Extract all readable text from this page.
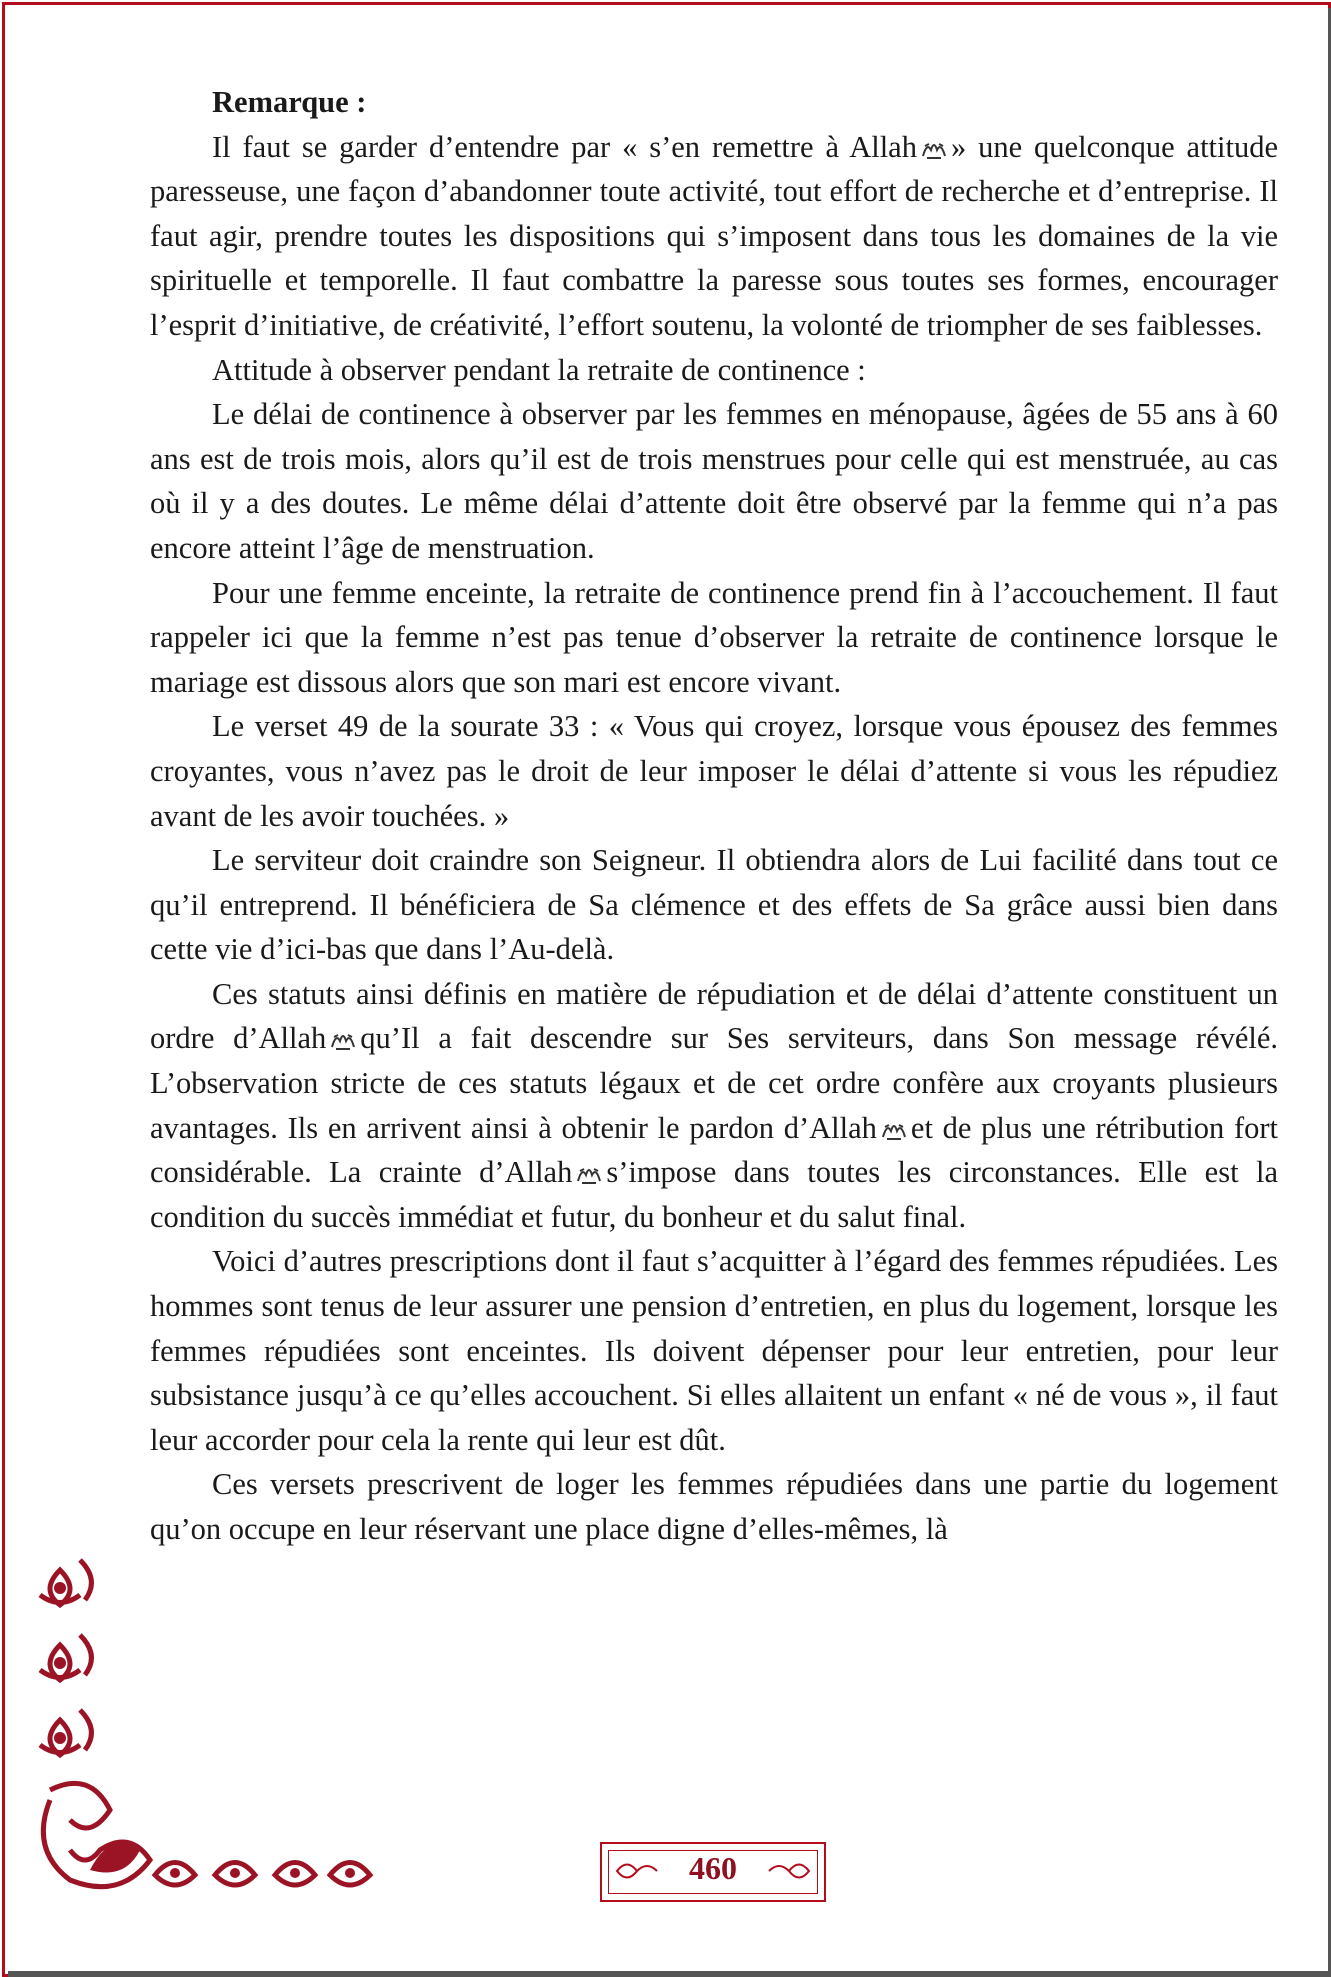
Remarque :

Il faut se garder d’entendre par « s’en remettre à Allah » une quelconque attitude paresseuse, une façon d’abandonner toute activité, tout effort de recherche et d’entreprise. Il faut agir, prendre toutes les dispositions qui s’imposent dans tous les domaines de la vie spirituelle et temporelle. Il faut combattre la paresse sous toutes ses formes, encourager l’esprit d’initiative, de créativité, l’effort soutenu, la volonté de triompher de ses faiblesses.

Attitude à observer pendant la retraite de continence :

Le délai de continence à observer par les femmes en ménopause, âgées de 55 ans à 60 ans est de trois mois, alors qu’il est de trois menstrues pour celle qui est menstruée, au cas où il y a des doutes. Le même délai d’attente doit être observé par la femme qui n’a pas encore atteint l’âge de menstruation.

Pour une femme enceinte, la retraite de continence prend fin à l’accouchement. Il faut rappeler ici que la femme n’est pas tenue d’observer la retraite de continence lorsque le mariage est dissous alors que son mari est encore vivant.

Le verset 49 de la sourate 33 : « Vous qui croyez, lorsque vous épousez des femmes croyantes, vous n’avez pas le droit de leur imposer le délai d’attente si vous les répudiez avant de les avoir touchées. »

Le serviteur doit craindre son Seigneur. Il obtiendra alors de Lui facilité dans tout ce qu’il entreprend. Il bénéficiera de Sa clémence et des effets de Sa grâce aussi bien dans cette vie d’ici-bas que dans l’Au-delà.

Ces statuts ainsi définis en matière de répudiation et de délai d’attente constituent un ordre d’Allah qu’Il a fait descendre sur Ses serviteurs, dans Son message révélé. L’observation stricte de ces statuts légaux et de cet ordre confère aux croyants plusieurs avantages. Ils en arrivent ainsi à obtenir le pardon d’Allah et de plus une rétribution fort considérable. La crainte d’Allah s’impose dans toutes les circonstances. Elle est la condition du succès immédiat et futur, du bonheur et du salut final.

Voici d’autres prescriptions dont il faut s’acquitter à l’égard des femmes répudiées. Les hommes sont tenus de leur assurer une pension d’entretien, en plus du logement, lorsque les femmes répudiées sont enceintes. Ils doivent dépenser pour leur entretien, pour leur subsistance jusqu’à ce qu’elles accouchent. Si elles allaitent un enfant « né de vous », il faut leur accorder pour cela la rente qui leur est dût.

Ces versets prescrivent de loger les femmes répudiées dans une partie du logement qu’on occupe en leur réservant une place digne d’elles-mêmes, là

460
